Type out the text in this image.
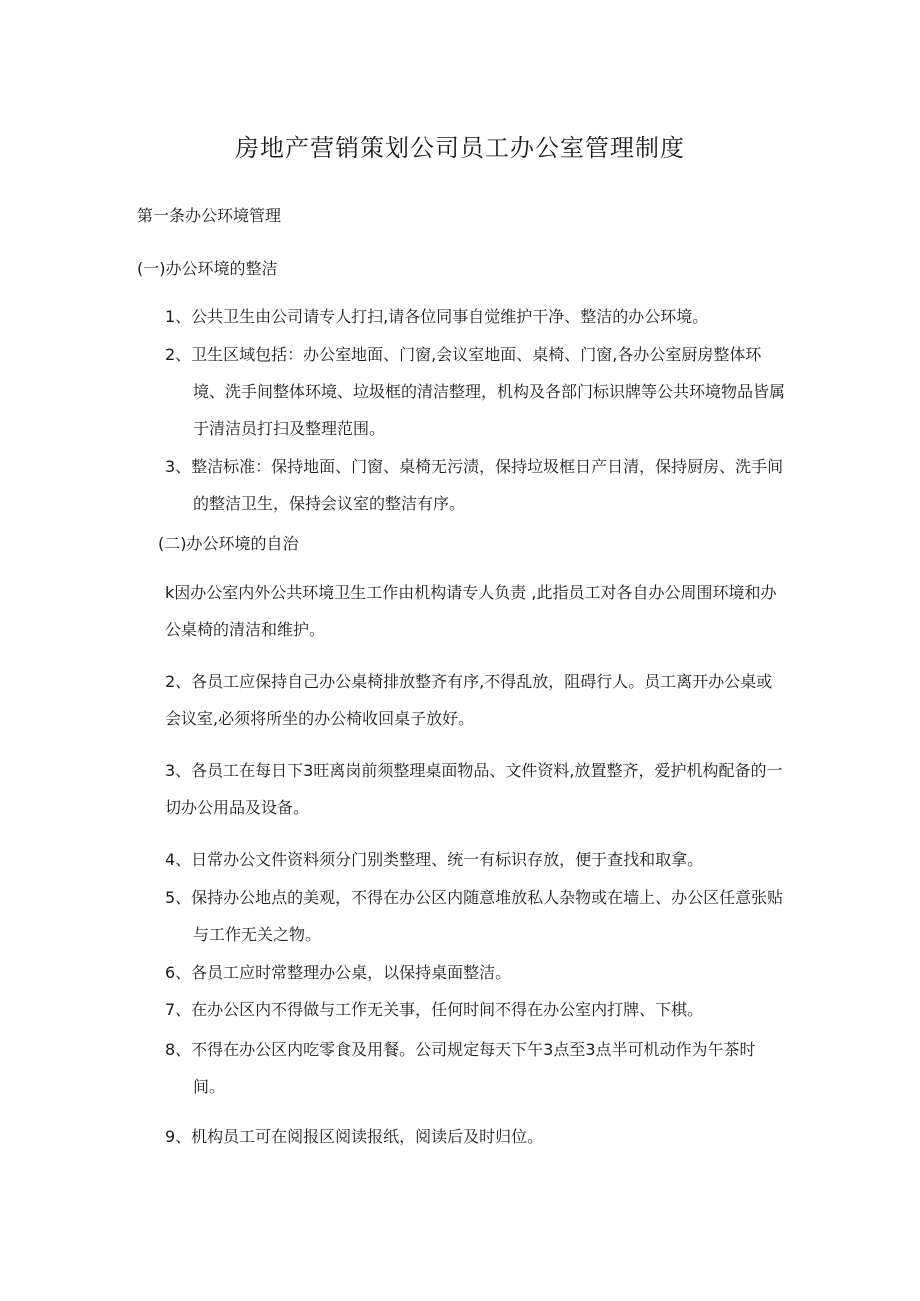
房地产营销策划公司员工办公室管理制度
第一条办公环境管理
(一)办公环境的整洁
1、公共卫生由公司请专人打扫,请各位同事自觉维护干净、整洁的办公环境。
2、卫生区域包括：办公室地面、门窗,会议室地面、桌椅、门窗,各办公室厨房整体环境、洗手间整体环境、垃圾框的清洁整理，机构及各部门标识牌等公共环境物品皆属于清洁员打扫及整理范围。
3、整洁标准：保持地面、门窗、桌椅无污渍，保持垃圾框日产日清，保持厨房、洗手间的整洁卫生，保持会议室的整洁有序。
(二)办公环境的自治
k因办公室内外公共环境卫生工作由机构请专人负责 ,此指员工对各自办公周围环境和办公桌椅的清洁和维护。
2、各员工应保持自己办公桌椅排放整齐有序,不得乱放，阻碍行人。员工离开办公桌或会议室,必须将所坐的办公椅收回桌子放好。
3、各员工在每日下3旺离岗前须整理桌面物品、文件资料,放置整齐，爱护机构配备的一切办公用品及设备。
4、日常办公文件资料须分门别类整理、统一有标识存放，便于查找和取拿。
5、保持办公地点的美观，不得在办公区内随意堆放私人杂物或在墙上、办公区任意张贴与工作无关之物。
6、各员工应时常整理办公桌，以保持桌面整洁。
7、在办公区内不得做与工作无关事，任何时间不得在办公室内打牌、下棋。
8、不得在办公区内吃零食及用餐。公司规定每天下午3点至3点半可机动作为午茶时间。
9、机构员工可在阅报区阅读报纸，阅读后及时归位。
